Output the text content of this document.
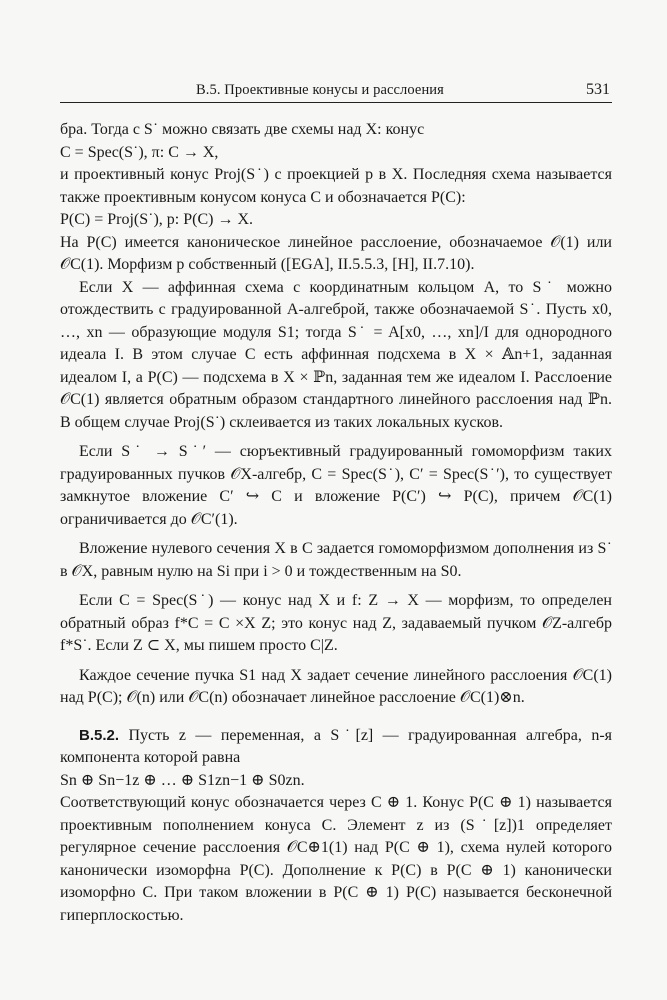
B.5. Проективные конусы и расслоения	531

бра. Тогда с S˙ можно связать две схемы над X: конус

C = Spec(S˙), π: C → X,

и проективный конус Proj(S˙) с проекцией p в X. Последняя схема называется также проективным конусом конуса C и обозначается P(C):

P(C) = Proj(S˙), p: P(C) → X.

На P(C) имеется каноническое линейное расслоение, обозначаемое 𝒪(1) или 𝒪C(1). Морфизм p собственный ([EGA], II.5.5.3, [H], II.7.10).

Если X — аффинная схема с координатным кольцом A, то S˙ можно отождествить с градуированной A-алгеброй, также обозначаемой S˙. Пусть x0, …, xn — образующие модуля S1; тогда S˙ = A[x0, …, xn]/I для однородного идеала I. В этом случае C есть аффинная подсхема в X × 𝔸n+1, заданная идеалом I, а P(C) — подсхема в X × ℙn, заданная тем же идеалом I. Расслоение 𝒪C(1) является обратным образом стандартного линейного расслоения над ℙn. В общем случае Proj(S˙) склеивается из таких локальных кусков.

Если S˙ → S˙′ — сюръективный градуированный гомоморфизм таких градуированных пучков 𝒪X-алгебр, C = Spec(S˙), C′ = Spec(S˙′), то существует замкнутое вложение C′ ↪ C и вложение P(C′) ↪ P(C), причем 𝒪C(1) ограничивается до 𝒪C′(1).

Вложение нулевого сечения X в C задается гомоморфизмом дополнения из S˙ в 𝒪X, равным нулю на Si при i > 0 и тождественным на S0.

Если C = Spec(S˙) — конус над X и f: Z → X — морфизм, то определен обратный образ f*C = C ×X Z; это конус над Z, задаваемый пучком 𝒪Z-алгебр f*S˙. Если Z ⊂ X, мы пишем просто C|Z.

Каждое сечение пучка S1 над X задает сечение линейного расслоения 𝒪C(1) над P(C); 𝒪(n) или 𝒪C(n) обозначает линейное расслоение 𝒪C(1)⊗n.

B.5.2. Пусть z — переменная, а S˙[z] — градуированная алгебра, n-я компонента которой равна

Sn ⊕ Sn−1z ⊕ … ⊕ S1zn−1 ⊕ S0zn.

Соответствующий конус обозначается через C ⊕ 1. Конус P(C ⊕ 1) называется проективным пополнением конуса C. Элемент z из (S˙[z])1 определяет регулярное сечение расслоения 𝒪C⊕1(1) над P(C ⊕ 1), схема нулей которого канонически изоморфна P(C). Дополнение к P(C) в P(C ⊕ 1) канонически изоморфно C. При таком вложении в P(C ⊕ 1) P(C) называется бесконечной гиперплоскостью.
